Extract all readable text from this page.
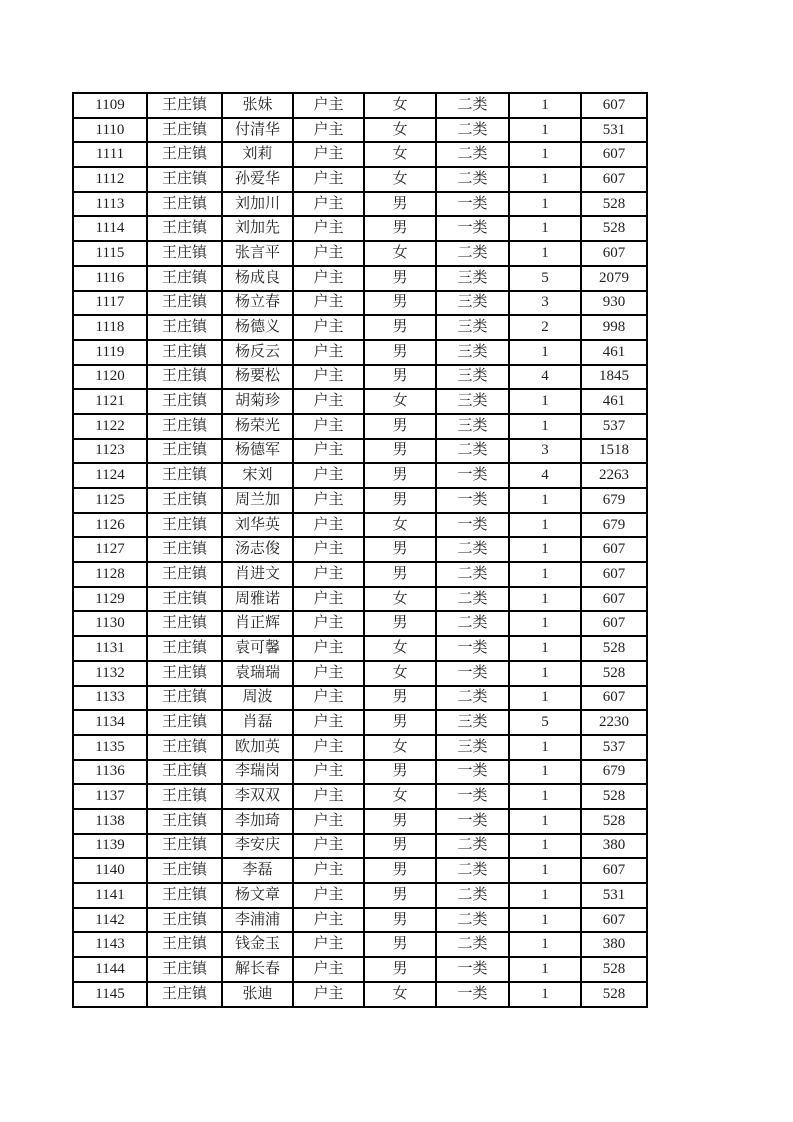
1109	王庄镇	张妹	户主	女	二类	1	607
1110	王庄镇	付清华	户主	女	二类	1	531
1111	王庄镇	刘莉	户主	女	二类	1	607
1112	王庄镇	孙爱华	户主	女	二类	1	607
1113	王庄镇	刘加川	户主	男	一类	1	528
1114	王庄镇	刘加先	户主	男	一类	1	528
1115	王庄镇	张言平	户主	女	二类	1	607
1116	王庄镇	杨成良	户主	男	三类	5	2079
1117	王庄镇	杨立春	户主	男	三类	3	930
1118	王庄镇	杨德义	户主	男	三类	2	998
1119	王庄镇	杨反云	户主	男	三类	1	461
1120	王庄镇	杨要松	户主	男	三类	4	1845
1121	王庄镇	胡菊珍	户主	女	三类	1	461
1122	王庄镇	杨荣光	户主	男	三类	1	537
1123	王庄镇	杨德军	户主	男	二类	3	1518
1124	王庄镇	宋刘	户主	男	一类	4	2263
1125	王庄镇	周兰加	户主	男	一类	1	679
1126	王庄镇	刘华英	户主	女	一类	1	679
1127	王庄镇	汤志俊	户主	男	二类	1	607
1128	王庄镇	肖进文	户主	男	二类	1	607
1129	王庄镇	周雅诺	户主	女	二类	1	607
1130	王庄镇	肖正辉	户主	男	二类	1	607
1131	王庄镇	袁可馨	户主	女	一类	1	528
1132	王庄镇	袁瑞瑞	户主	女	一类	1	528
1133	王庄镇	周波	户主	男	二类	1	607
1134	王庄镇	肖磊	户主	男	三类	5	2230
1135	王庄镇	欧加英	户主	女	三类	1	537
1136	王庄镇	李瑞岗	户主	男	一类	1	679
1137	王庄镇	李双双	户主	女	一类	1	528
1138	王庄镇	李加琦	户主	男	一类	1	528
1139	王庄镇	李安庆	户主	男	二类	1	380
1140	王庄镇	李磊	户主	男	二类	1	607
1141	王庄镇	杨文章	户主	男	二类	1	531
1142	王庄镇	李浦浦	户主	男	二类	1	607
1143	王庄镇	钱金玉	户主	男	二类	1	380
1144	王庄镇	解长春	户主	男	一类	1	528
1145	王庄镇	张迪	户主	女	一类	1	528
